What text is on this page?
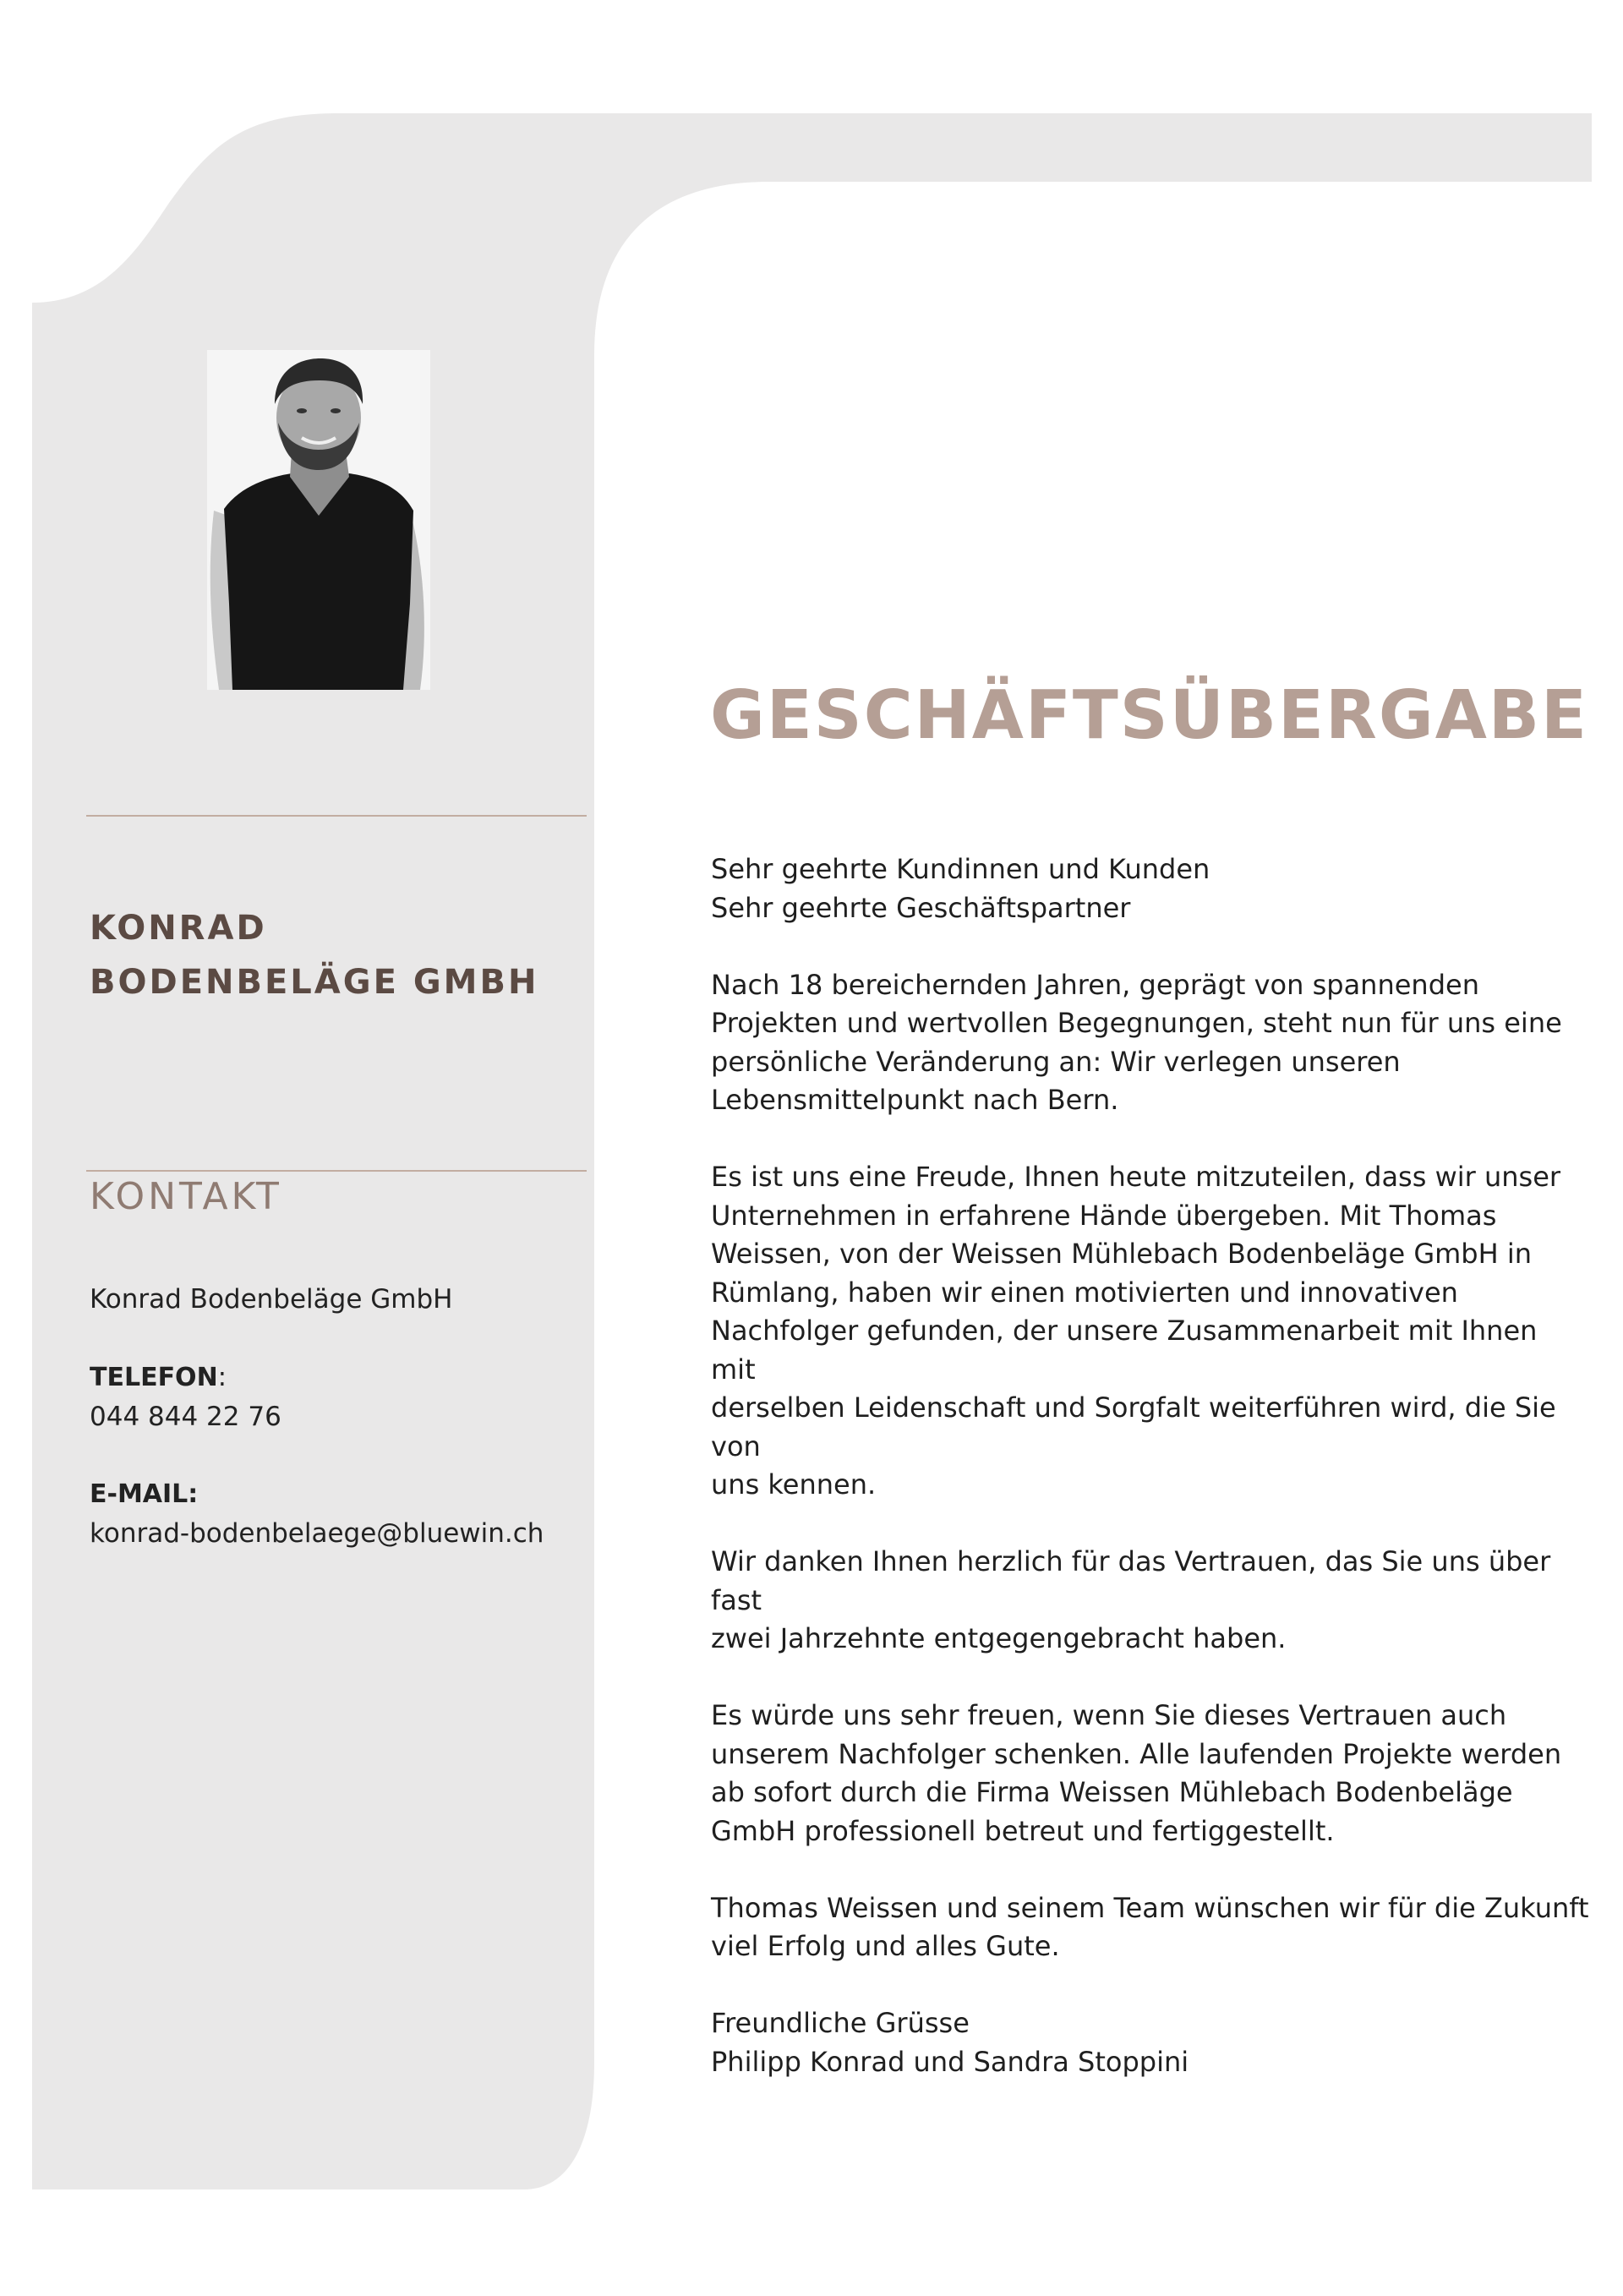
KONRAD BODENBELÄGE GMBH
KONTAKT
Konrad Bodenbeläge GmbH
TELEFON:
044 844 22 76
E-MAIL:
konrad-bodenbelaege@bluewin.ch
GESCHÄFTSÜBERGABE

Sehr geehrte Kundinnen und Kunden
Sehr geehrte Geschäftspartner

Nach 18 bereichernden Jahren, geprägt von spannenden
Projekten und wertvollen Begegnungen, steht nun für uns eine
persönliche Veränderung an: Wir verlegen unseren
Lebensmittelpunkt nach Bern.

Es ist uns eine Freude, Ihnen heute mitzuteilen, dass wir unser
Unternehmen in erfahrene Hände übergeben. Mit Thomas
Weissen, von der Weissen Mühlebach Bodenbeläge GmbH in
Rümlang, haben wir einen motivierten und innovativen
Nachfolger gefunden, der unsere Zusammenarbeit mit Ihnen mit
derselben Leidenschaft und Sorgfalt weiterführen wird, die Sie von
uns kennen.

Wir danken Ihnen herzlich für das Vertrauen, das Sie uns über fast
zwei Jahrzehnte entgegengebracht haben.

Es würde uns sehr freuen, wenn Sie dieses Vertrauen auch
unserem Nachfolger schenken. Alle laufenden Projekte werden
ab sofort durch die Firma Weissen Mühlebach Bodenbeläge
GmbH professionell betreut und fertiggestellt.

Thomas Weissen und seinem Team wünschen wir für die Zukunft
viel Erfolg und alles Gute.

Freundliche Grüsse
Philipp Konrad und Sandra Stoppini
